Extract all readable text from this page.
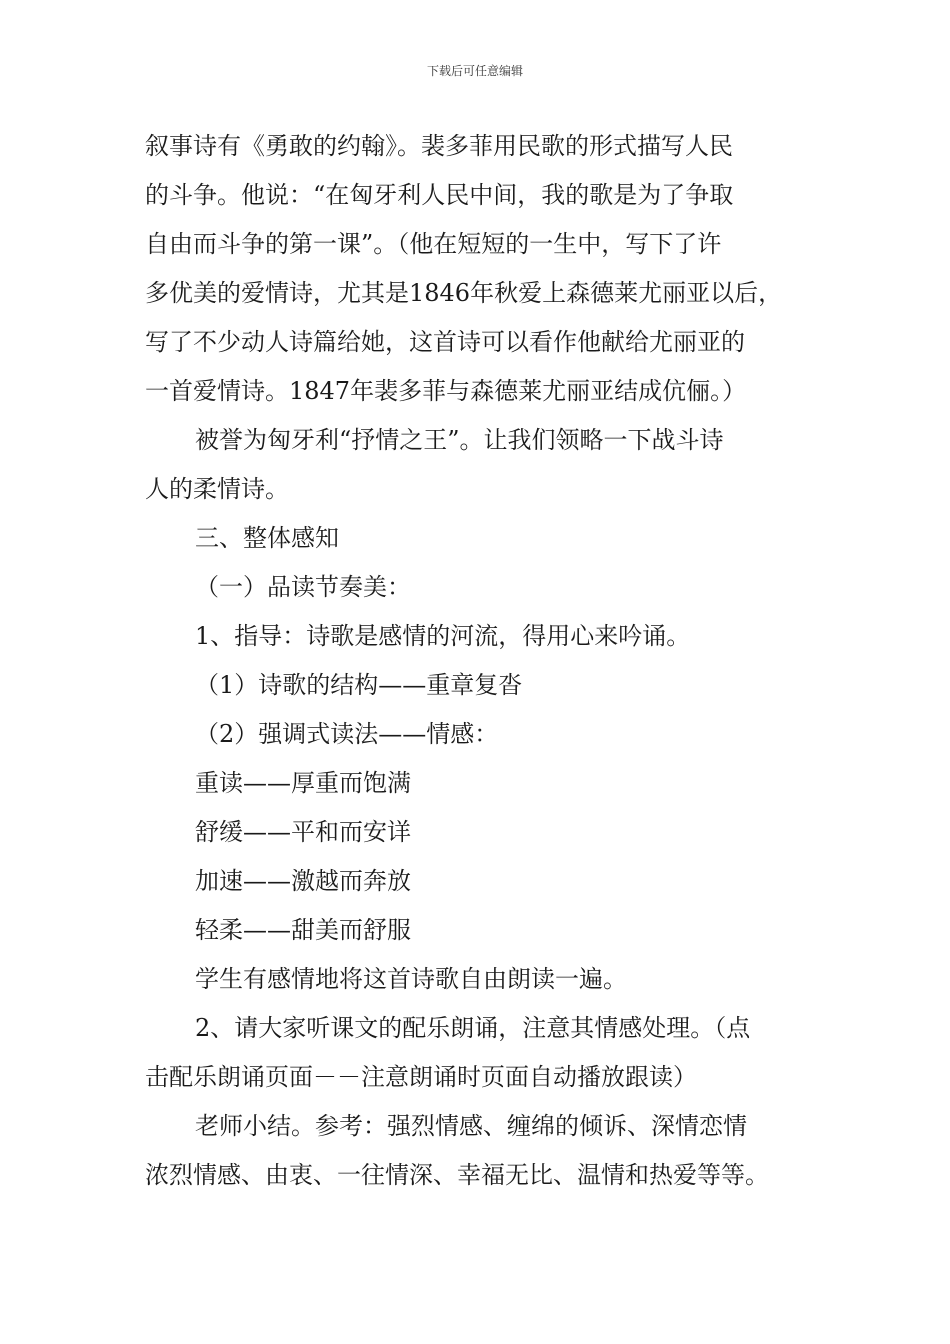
下载后可任意编辑
叙事诗有《勇敢的约翰》。裴多菲用民歌的形式描写人民
的斗争。他说：“在匈牙利人民中间，我的歌是为了争取
自由而斗争的第一课”。（他在短短的一生中，写下了许
多优美的爱情诗，尤其是1846年秋爱上森德莱尤丽亚以后，
写了不少动人诗篇给她，这首诗可以看作他献给尤丽亚的
一首爱情诗。1847年裴多菲与森德莱尤丽亚结成伉俪。）
被誉为匈牙利“抒情之王”。让我们领略一下战斗诗
人的柔情诗。
三、整体感知
（一）品读节奏美：
1、指导：诗歌是感情的河流，得用心来吟诵。
（1）诗歌的结构——重章复沓
（2）强调式读法——情感：
重读——厚重而饱满
舒缓——平和而安详
加速——激越而奔放
轻柔——甜美而舒服
学生有感情地将这首诗歌自由朗读一遍。
2、请大家听课文的配乐朗诵，注意其情感处理。（点
击配乐朗诵页面－－注意朗诵时页面自动播放跟读）
老师小结。参考：强烈情感、缠绵的倾诉、深情恋情
浓烈情感、由衷、一往情深、幸福无比、温情和热爱等等。
